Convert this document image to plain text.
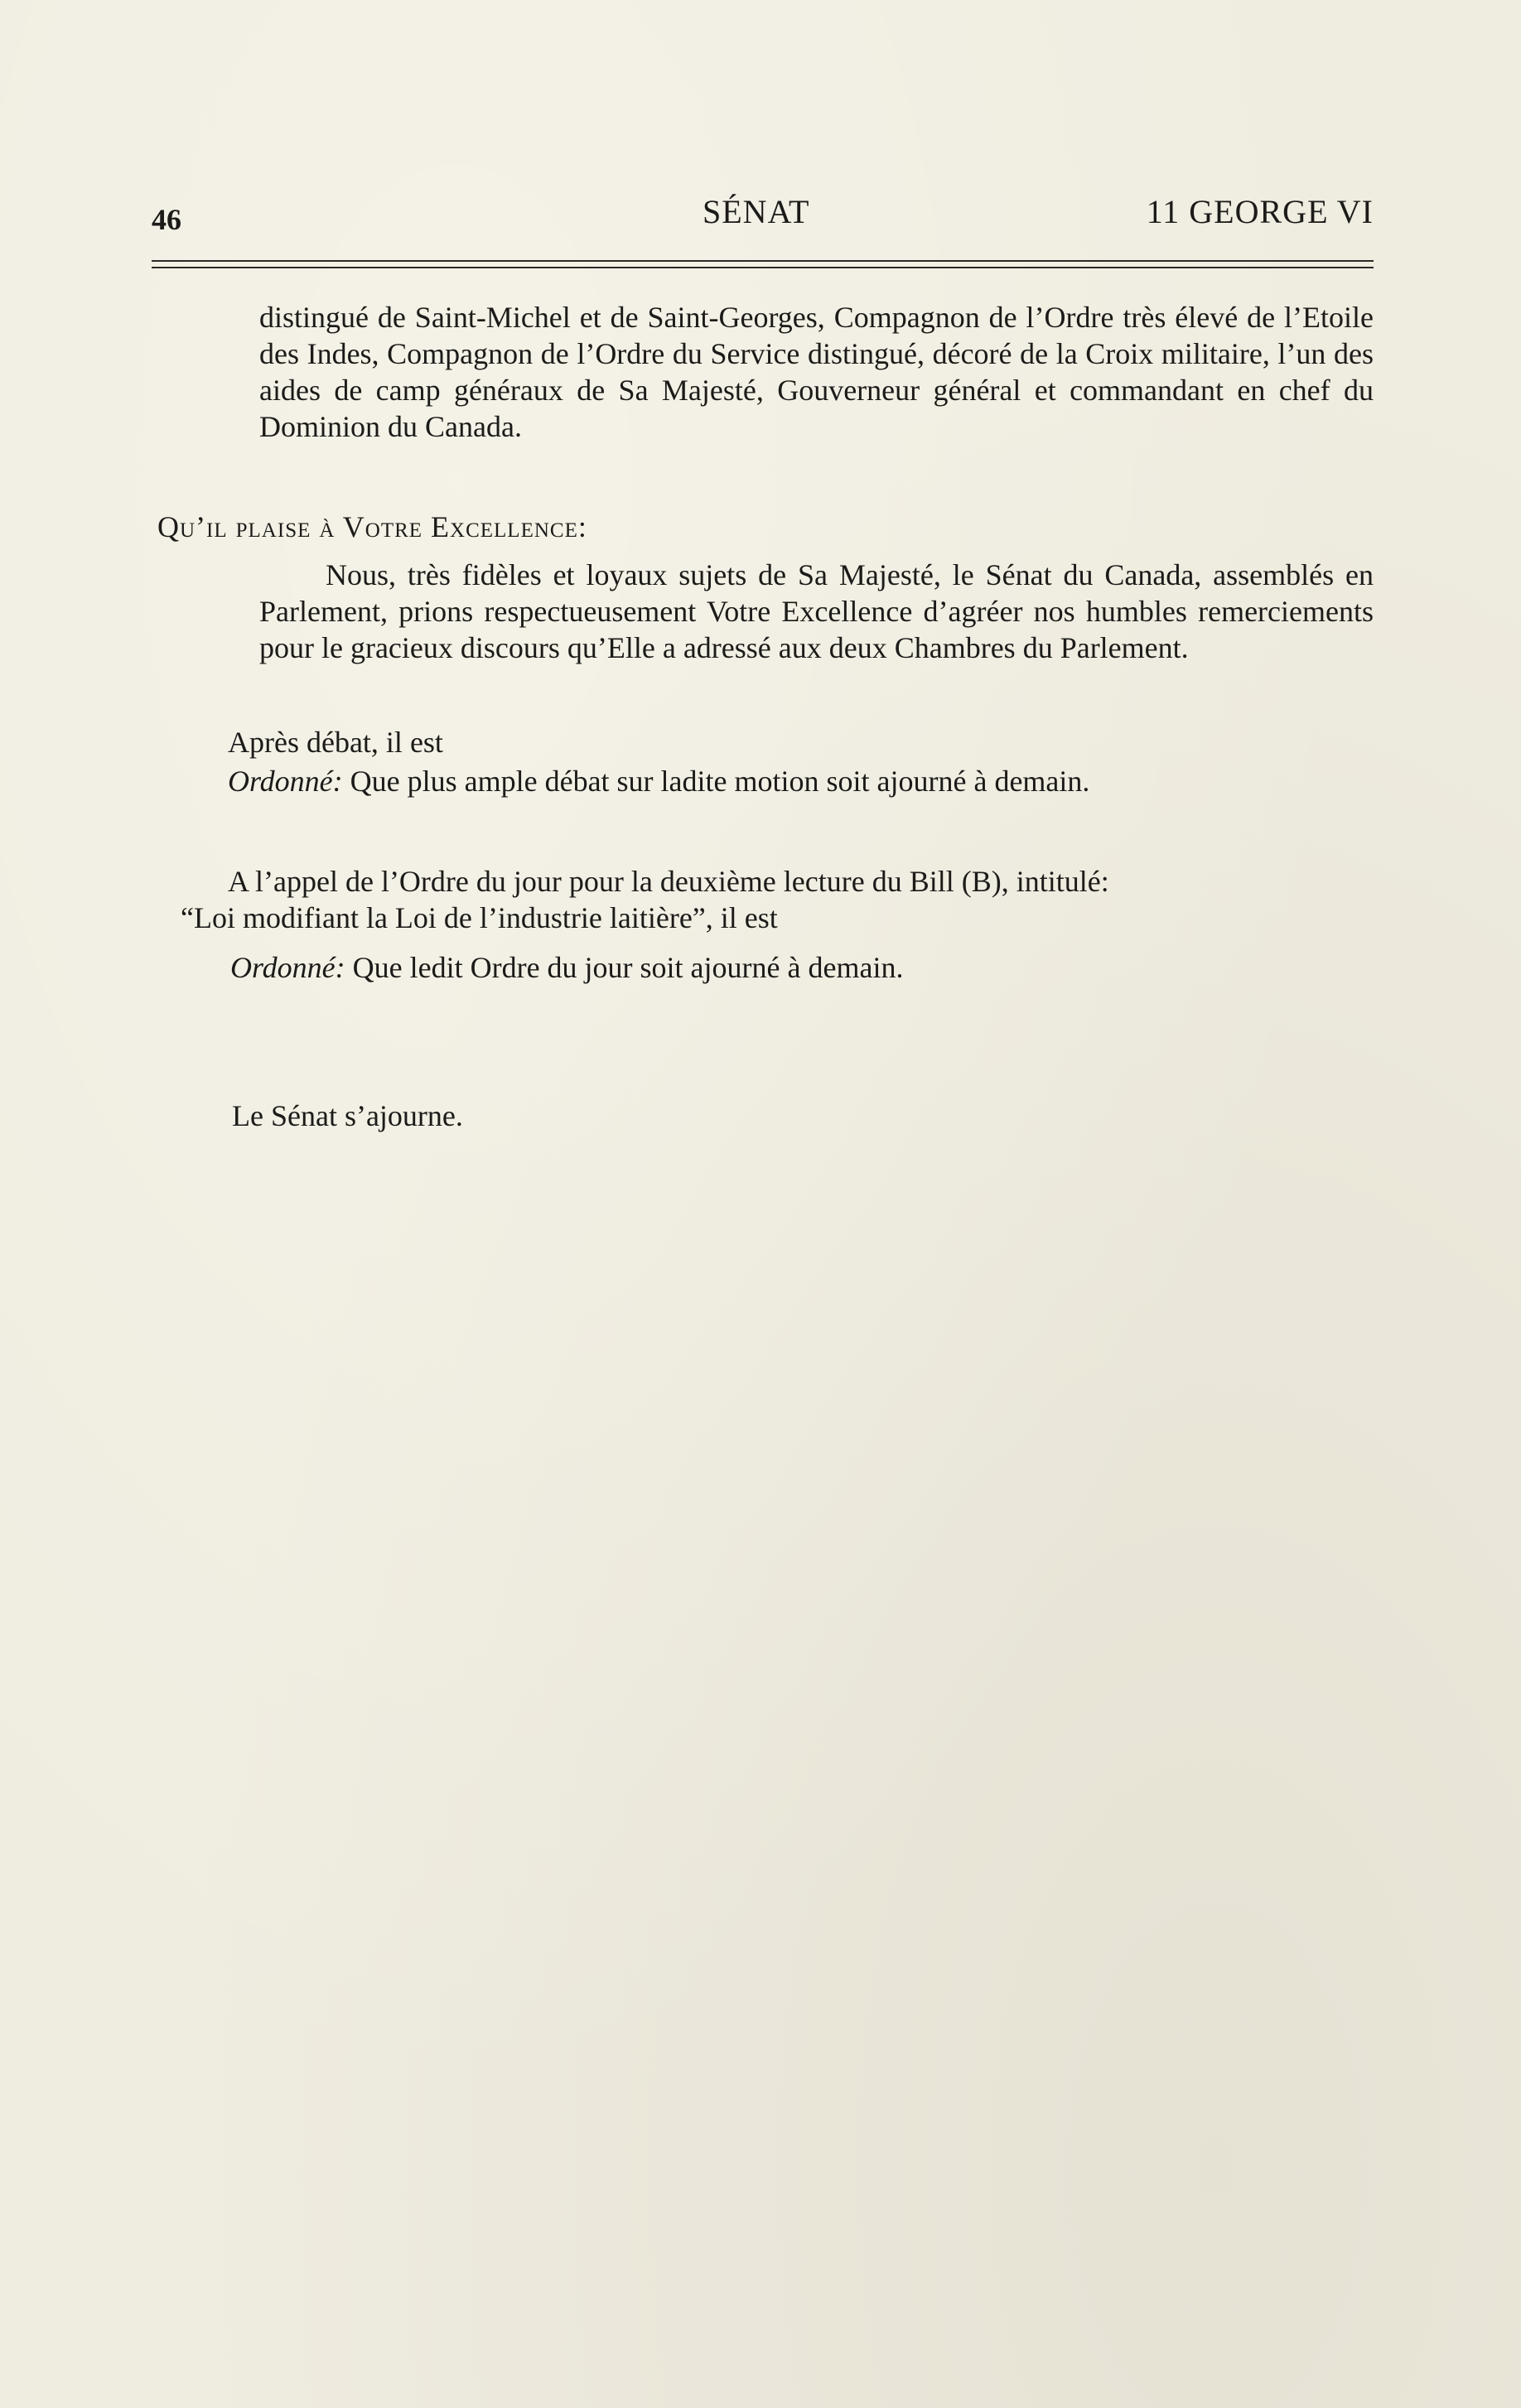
46	SÉNAT	11 GEORGE VI
distingué de Saint-Michel et de Saint-Georges, Compagnon de l’Ordre très élevé de l’Etoile des Indes, Compagnon de l’Ordre du Service distingué, décoré de la Croix militaire, l’un des aides de camp généraux de Sa Majesté, Gouverneur général et commandant en chef du Dominion du Canada.
Qu’il plaise à Votre Excellence:
Nous, très fidèles et loyaux sujets de Sa Majesté, le Sénat du Canada, assemblés en Parlement, prions respectueusement Votre Excellence d’agréer nos humbles remerciements pour le gracieux discours qu’Elle a adressé aux deux Chambres du Parlement.
Après débat, il est
Ordonné: Que plus ample débat sur ladite motion soit ajourné à demain.
A l’appel de l’Ordre du jour pour la deuxième lecture du Bill (B), intitulé:
“Loi modifiant la Loi de l’industrie laitière”, il est
Ordonné: Que ledit Ordre du jour soit ajourné à demain.
Le Sénat s’ajourne.
